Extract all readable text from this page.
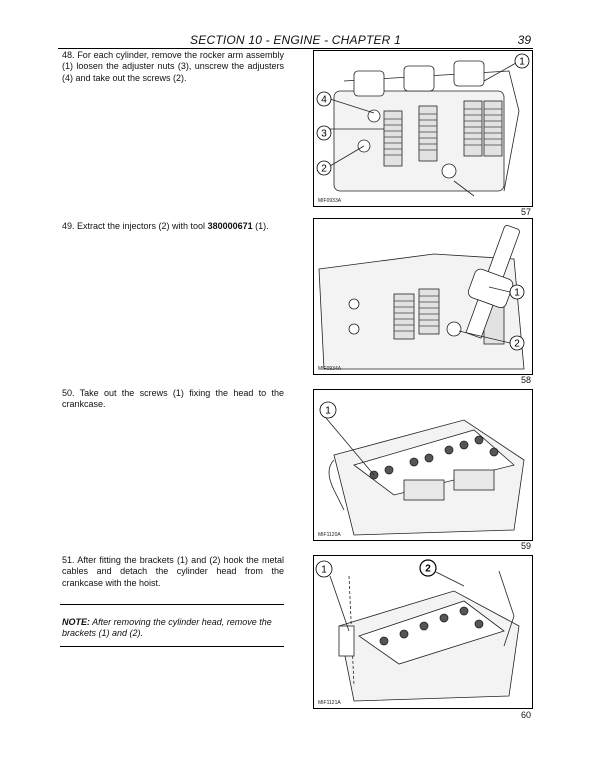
SECTION 10 - ENGINE - CHAPTER 1	39
48. For each cylinder, remove the rocker arm assembly (1) loosen the adjuster nuts (3), unscrew the adjusters (4) and take out the screws (2).
1
4
3
2
MIF0933A
57
49. Extract the injectors (2) with tool 380000671 (1).
1
2
MIF0934A
58
50. Take out the screws (1) fixing the head to the crankcase.
1
MIF1120A
59
51. After fitting the brackets (1) and (2) hook the metal cables and detach the cylinder head from the crankcase with the hoist.
NOTE: After removing the cylinder head, remove the brackets (1) and (2).
1	2
MIF1121A
60
